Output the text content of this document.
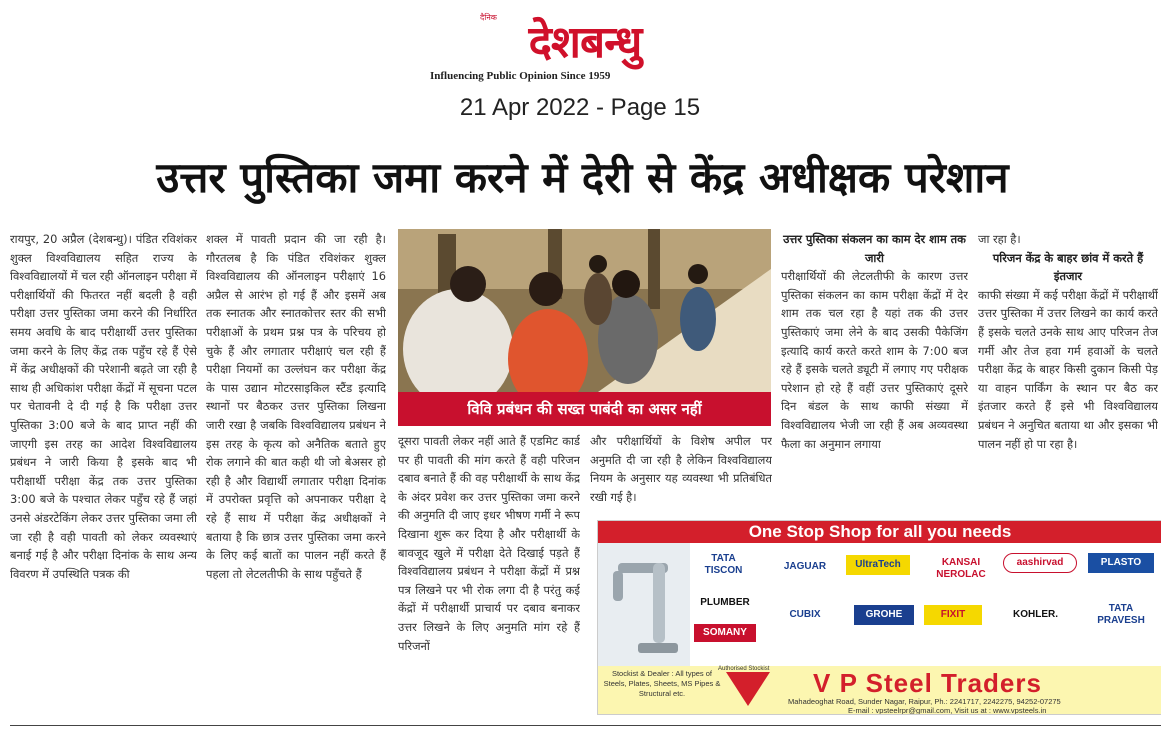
दैनिक देशबन्धु
Influencing Public Opinion Since 1959
21 Apr 2022 - Page 15
उत्तर पुस्तिका जमा करने में देरी से केंद्र अधीक्षक परेशान

रायपुर, 20 अप्रैल (देशबन्धु)। पंडित रविशंकर शुक्ल विश्वविद्यालय सहित राज्य के विश्वविद्यालयों में चल रही ऑनलाइन परीक्षा में परीक्षार्थियों की फितरत नहीं बदली है वही परीक्षा उत्तर पुस्तिका जमा करने की निर्धारित समय अवधि के बाद परीक्षार्थी उत्तर पुस्तिका जमा करने के लिए केंद्र तक पहुँच रहे हैं ऐसे में केंद्र अधीक्षकों की परेशानी बढ़ते जा रही है साथ ही अधिकांश परीक्षा केंद्रों में सूचना पटल पर चेतावनी दे दी गई है कि परीक्षा उत्तर पुस्तिका 3:00 बजे के बाद प्राप्त नहीं की जाएगी इस तरह का आदेश विश्वविद्यालय प्रबंधन ने जारी किया है इसके बाद भी परीक्षार्थी परीक्षा केंद्र तक उत्तर पुस्तिका 3:00 बजे के पश्चात लेकर पहुँच रहे हैं जहां उनसे अंडरटेकिंग लेकर उत्तर पुस्तिका जमा ली जा रही है वही पावती को लेकर व्यवस्थाएं बनाई गई है और परीक्षा दिनांक के साथ अन्य विवरण में उपस्थिति पत्रक की

शक्ल में पावती प्रदान की जा रही है। गौरतलब है कि पंडित रविशंकर शुक्ल विश्वविद्यालय की ऑनलाइन परीक्षाएं 16 अप्रैल से आरंभ हो गई हैं और इसमें अब तक स्नातक और स्नातकोत्तर स्तर की सभी परीक्षाओं के प्रथम प्रश्न पत्र के परिचय हो चुके हैं और लगातार परीक्षाएं चल रही हैं परीक्षा नियमों का उल्लंघन कर परीक्षा केंद्र के पास उद्यान मोटरसाइकिल स्टैंड इत्यादि स्थानों पर बैठकर उत्तर पुस्तिका लिखना जारी रखा है जबकि विश्वविद्यालय प्रबंधन ने इस तरह के कृत्य को अनैतिक बताते हुए रोक लगाने की बात कही थी जो बेअसर हो रही है और विद्यार्थी लगातार परीक्षा दिनांक में उपरोक्त प्रवृत्ति को अपनाकर परीक्षा दे रहे हैं साथ में परीक्षा केंद्र अधीक्षकों ने बताया है कि छात्र उत्तर पुस्तिका जमा करने के लिए कई बातों का पालन नहीं करते हैं पहला तो लेटलतीफी के साथ पहुँचते हैं

विवि प्रबंधन की सख्त पाबंदी का असर नहीं

दूसरा पावती लेकर नहीं आते हैं एडमिट कार्ड पर ही पावती की मांग करते हैं वही परिजन दबाव बनाते हैं की वह परीक्षार्थी के साथ केंद्र के अंदर प्रवेश कर उत्तर पुस्तिका जमा करने की अनुमति दी जाए इधर भीषण गर्मी ने रूप दिखाना शुरू कर दिया है और परीक्षार्थी के बावजूद खुले में परीक्षा देते दिखाई पड़ते हैं विश्वविद्यालय प्रबंधन ने परीक्षा केंद्रों में प्रश्न पत्र लिखने पर भी रोक लगा दी है परंतु कई केंद्रों में परीक्षार्थी प्राचार्य पर दबाव बनाकर उत्तर लिखने के लिए अनुमति मांग रहे हैं परिजनों

और परीक्षार्थियों के विशेष अपील पर अनुमति दी जा रही है लेकिन विश्वविद्यालय नियम के अनुसार यह व्यवस्था भी प्रतिबंधित रखी गई है।

उत्तर पुस्तिका संकलन का काम देर शाम तक जारी

परीक्षार्थियों की लेटलतीफी के कारण उत्तर पुस्तिका संकलन का काम परीक्षा केंद्रों में देर शाम तक चल रहा है यहां तक की उत्तर पुस्तिकाएं जमा लेने के बाद उसकी पैकेजिंग इत्यादि कार्य करते करते शाम के 7:00 बज रहे हैं इसके चलते ड्यूटी में लगाए गए परीक्षक परेशान हो रहे हैं वहीं उत्तर पुस्तिकाएं दूसरे दिन बंडल के साथ काफी संख्या में विश्वविद्यालय भेजी जा रही हैं अब अव्यवस्था फैला का अनुमान लगाया

जा रहा है।

परिजन केंद्र के बाहर छांव में करते हैं इंतजार

काफी संख्या में कई परीक्षा केंद्रों में परीक्षार्थी उत्तर पुस्तिका में उत्तर लिखने का कार्य करते हैं इसके चलते उनके साथ आए परिजन तेज गर्मी और तेज हवा गर्म हवाओं के चलते परीक्षा केंद्र के बाहर किसी दुकान किसी पेड़ या वाहन पार्किंग के स्थान पर बैठ कर इंतजार करते हैं इसे भी विश्वविद्यालय प्रबंधन ने अनुचित बताया था और इसका भी पालन नहीं हो पा रहा है।

One Stop Shop for all you needs
TATA TISCON	JAGUAR	UltraTech	KANSAI NEROLAC
aashirvad	PLASTO
PLUMBER
CUBIX	GROHE	FIXIT	KOHLER.
TATA PRAVESH
SOMANY
Stockist & Dealer : All types of Steels, Plates, Sheets, MS Pipes & Structural etc.
Authorised Stockist V P Steel Traders
Mahadeoghat Road, Sunder Nagar, Raipur, Ph.: 2241717, 2242275, 94252-07275
E-mail : vpsteelrpr@gmail.com, Visit us at : www.vpsteels.in
